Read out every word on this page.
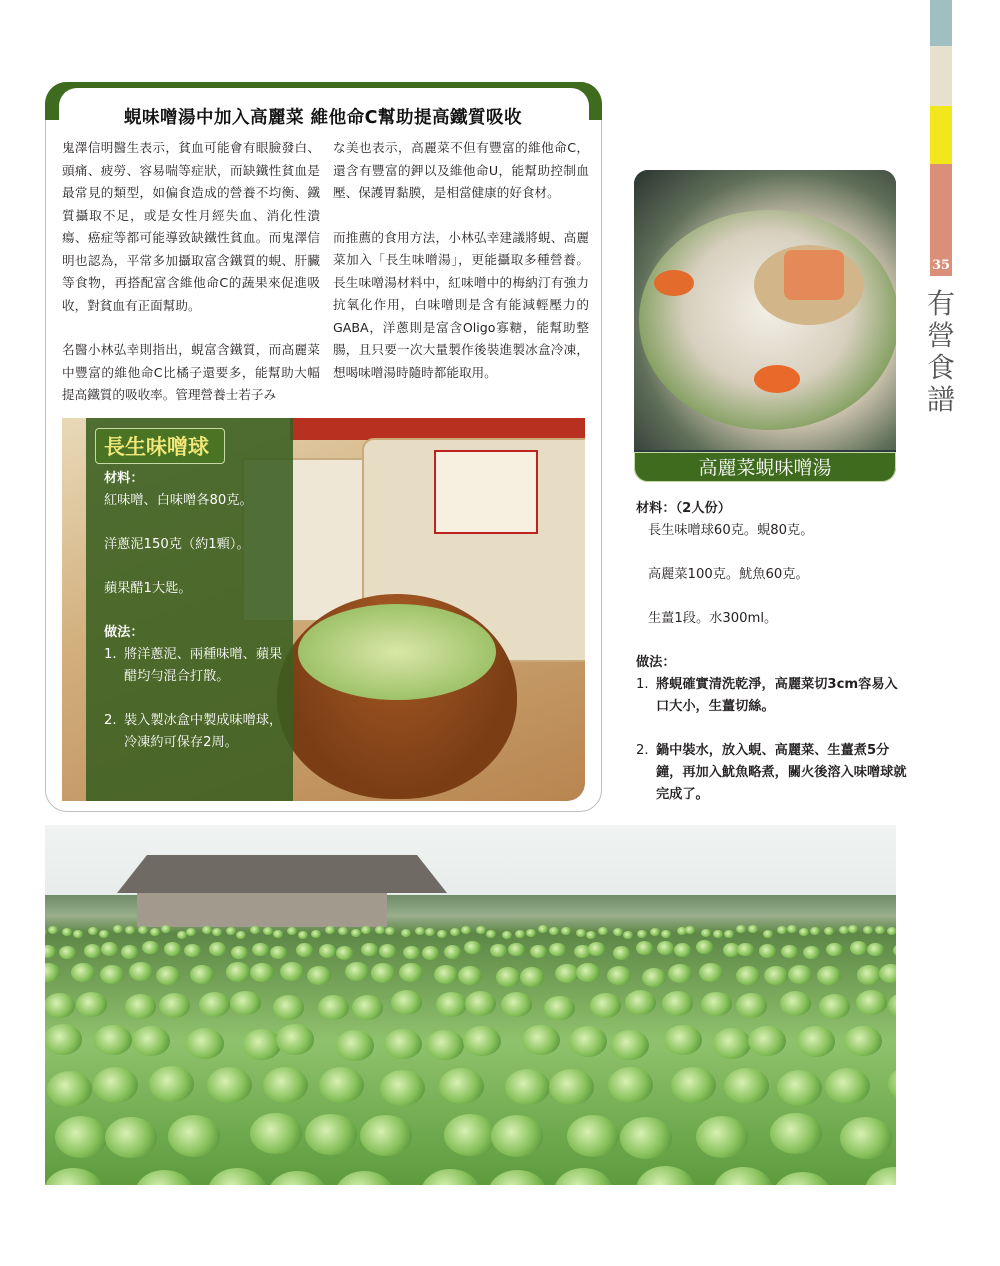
35
有
營
食
譜
蜆味噌湯中加入高麗菜 維他命C幫助提高鐵質吸收

鬼澤信明醫生表示，貧血可能會有眼臉發白、頭痛、疲勞、容易喘等症狀，而缺鐵性貧血是最常見的類型，如偏食造成的營養不均衡、鐵質攝取不足，或是女性月經失血、消化性潰瘍、癌症等都可能導致缺鐵性貧血。而鬼澤信明也認為，平常多加攝取富含鐵質的蜆、肝臟等食物，再搭配富含維他命C的蔬果來促進吸收，對貧血有正面幫助。

名醫小林弘幸則指出，蜆富含鐵質，而高麗菜中豐富的維他命C比橘子還要多，能幫助大幅提高鐵質的吸收率。管理營養士若子み

な美也表示，高麗菜不但有豐富的維他命C，還含有豐富的鉀以及維他命U，能幫助控制血壓、保護胃黏膜，是相當健康的好食材。

而推薦的食用方法，小林弘幸建議將蜆、高麗菜加入「長生味噌湯」，更能攝取多種營養。長生味噌湯材料中，紅味噌中的梅納汀有強力抗氧化作用，白味噌則是含有能減輕壓力的GABA，洋蔥則是富含Oligo寡糖，能幫助整腸，且只要一次大量製作後裝進製冰盒冷凍，想喝味噌湯時隨時都能取用。

長生味噌球
材料：
紅味噌、白味噌各80克。
洋蔥泥150克（約1顆）。
蘋果醋1大匙。
做法：
1. 將洋蔥泥、兩種味噌、蘋果醋均勻混合打散。
2. 裝入製冰盒中製成味噌球，冷凍約可保存2周。
高麗菜蜆味噌湯
材料：（2人份）
長生味噌球60克。蜆80克。
高麗菜100克。魷魚60克。
生薑1段。水300ml。
做法：
1. 將蜆確實清洗乾淨，高麗菜切3cm容易入口大小，生薑切絲。
2. 鍋中裝水，放入蜆、高麗菜、生薑煮5分鐘，再加入魷魚略煮，關火後溶入味噌球就完成了。
